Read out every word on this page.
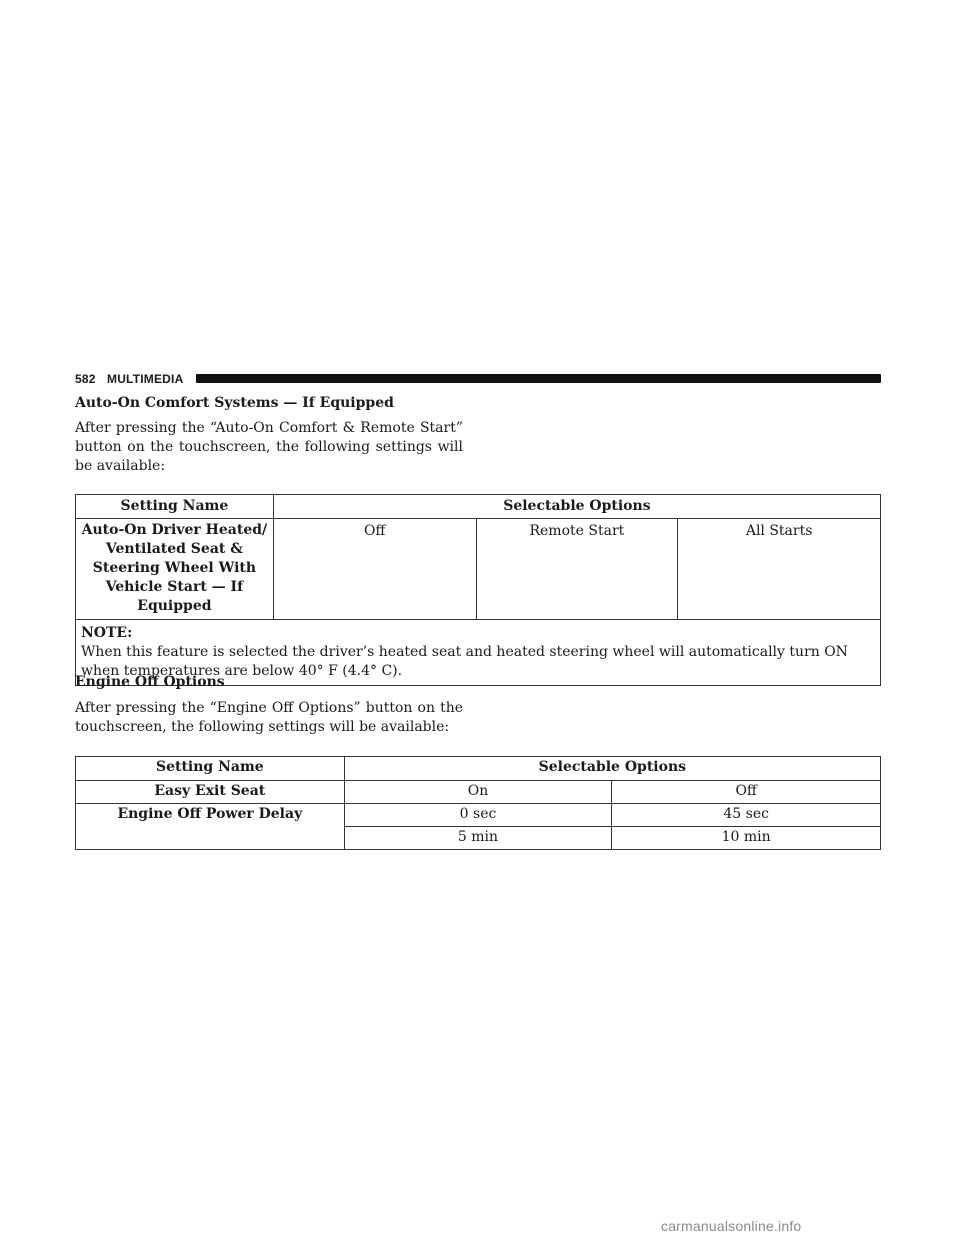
582 MULTIMEDIA
Auto-On Comfort Systems — If Equipped

After pressing the “Auto-On Comfort & Remote Start” button on the touchscreen, the following settings will be available:

Setting Name	Selectable Options		
Auto-On Driver Heated/ Ventilated Seat & Steering Wheel With Vehicle Start — If Equipped	Off	Remote Start	All Starts

NOTE:
When this feature is selected the driver’s heated seat and heated steering wheel will automatically turn ON when temperatures are below 40° F (4.4° C).			
Engine Off Options

After pressing the “Engine Off Options” button on the touchscreen, the following settings will be available:

Setting Name	Selectable Options	
Easy Exit Seat	On	Off
Engine Off Power Delay	0 sec	45 sec
	5 min	10 min
carmanualsonline.info
